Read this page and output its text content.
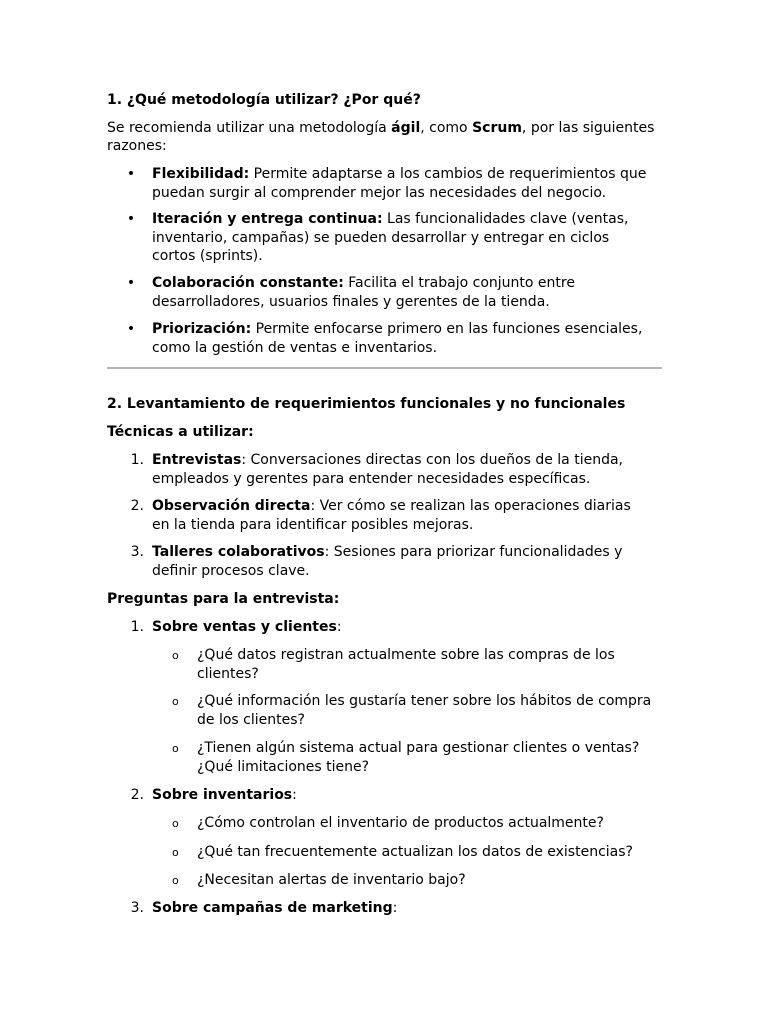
1. ¿Qué metodología utilizar? ¿Por qué?
Se recomienda utilizar una metodología ágil, como Scrum, por las siguientes razones:
• Flexibilidad: Permite adaptarse a los cambios de requerimientos que puedan surgir al comprender mejor las necesidades del negocio.
• Iteración y entrega continua: Las funcionalidades clave (ventas, inventario, campañas) se pueden desarrollar y entregar en ciclos cortos (sprints).
• Colaboración constante: Facilita el trabajo conjunto entre desarrolladores, usuarios finales y gerentes de la tienda.
• Priorización: Permite enfocarse primero en las funciones esenciales, como la gestión de ventas e inventarios.
2. Levantamiento de requerimientos funcionales y no funcionales
Técnicas a utilizar:
1. Entrevistas: Conversaciones directas con los dueños de la tienda, empleados y gerentes para entender necesidades específicas.
2. Observación directa: Ver cómo se realizan las operaciones diarias en la tienda para identificar posibles mejoras.
3. Talleres colaborativos: Sesiones para priorizar funcionalidades y definir procesos clave.
Preguntas para la entrevista:
1. Sobre ventas y clientes:
o ¿Qué datos registran actualmente sobre las compras de los clientes?
o ¿Qué información les gustaría tener sobre los hábitos de compra de los clientes?
o ¿Tienen algún sistema actual para gestionar clientes o ventas? ¿Qué limitaciones tiene?
2. Sobre inventarios:
o ¿Cómo controlan el inventario de productos actualmente?
o ¿Qué tan frecuentemente actualizan los datos de existencias?
o ¿Necesitan alertas de inventario bajo?
3. Sobre campañas de marketing:
